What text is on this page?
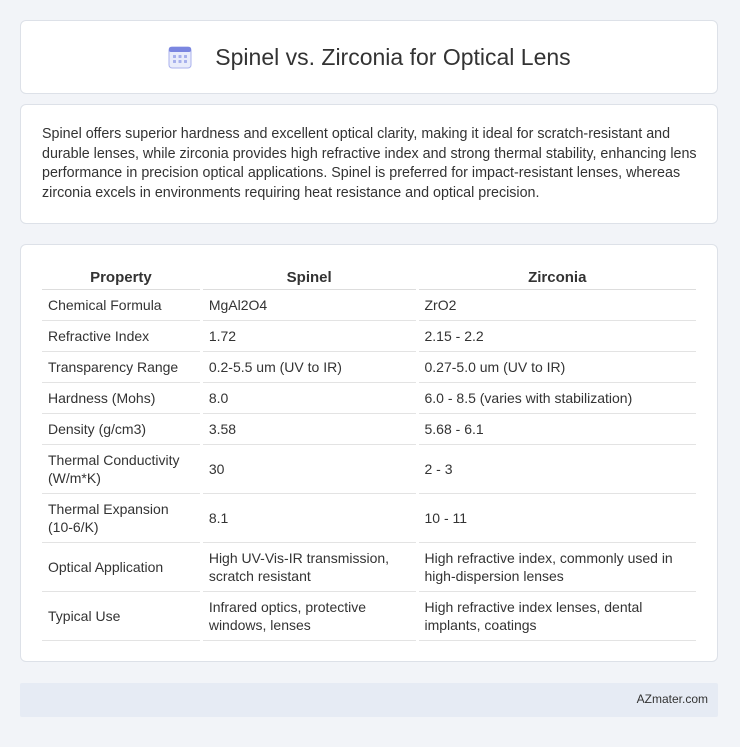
Spinel vs. Zirconia for Optical Lens

Spinel offers superior hardness and excellent optical clarity, making it ideal for scratch-resistant and durable lenses, while zirconia provides high refractive index and strong thermal stability, enhancing lens performance in precision optical applications. Spinel is preferred for impact-resistant lenses, whereas zirconia excels in environments requiring heat resistance and optical precision.

Property	Spinel	Zirconia
Chemical Formula	MgAl2O4	ZrO2
Refractive Index	1.72	2.15 - 2.2
Transparency Range	0.2-5.5 um (UV to IR)	0.27-5.0 um (UV to IR)
Hardness (Mohs)	8.0	6.0 - 8.5 (varies with stabilization)
Density (g/cm3)	3.58	5.68 - 6.1
Thermal Conductivity (W/m*K)	30	2 - 3
Thermal Expansion (10-6/K)	8.1	10 - 11
Optical Application	High UV-Vis-IR transmission, scratch resistant	High refractive index, commonly used in high-dispersion lenses
Typical Use	Infrared optics, protective windows, lenses	High refractive index lenses, dental implants, coatings
AZmater.com
